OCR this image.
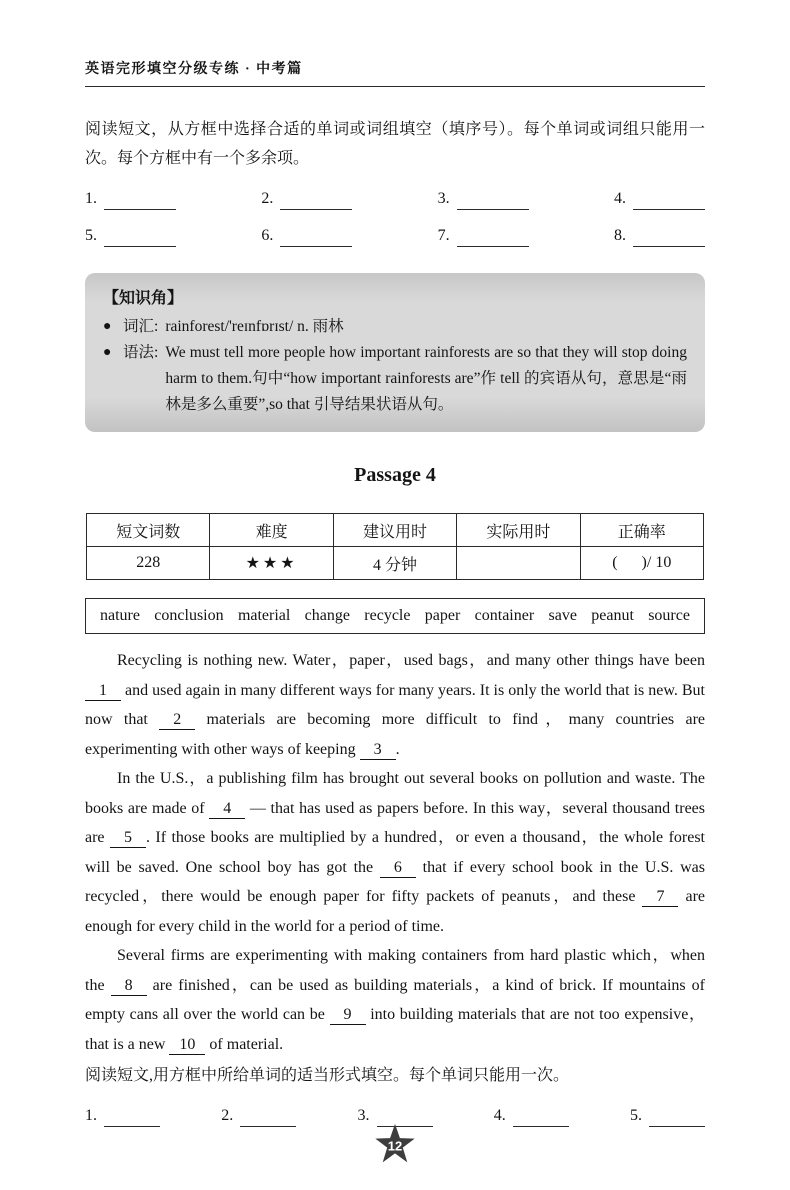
英语完形填空分级专练 · 中考篇

阅读短文，从方框中选择合适的单词或词组填空（填序号）。每个单词或词组只能用一次。每个方框中有一个多余项。

1.	2.	3.	4.
5.	6.	7.	8.
【知识角】
● 词汇: rainforest/'reɪnfɒrɪst/ n. 雨林
● 语法: We must tell more people how important rainforests are so that they will stop doing harm to them.句中“how important rainforests are”作 tell 的宾语从句，意思是“雨林是多么重要”,so that 引导结果状语从句。
Passage 4
短文词数	难度	建议用时	实际用时	正确率
228	★★★	4 分钟		(      )/ 10
nature conclusion material change recycle paper container save peanut source

Recycling is nothing new. Water，paper，used bags，and many other things have been 1 and used again in many different ways for many years. It is only the world that is new. But now that 2 materials are becoming more difficult to find，many countries are experimenting with other ways of keeping 3 .

In the U.S.，a publishing film has brought out several books on pollution and waste. The books are made of 4 — that has used as papers before. In this way，several thousand trees are 5 . If those books are multiplied by a hundred，or even a thousand，the whole forest will be saved. One school boy has got the 6 that if every school book in the U.S. was recycled，there would be enough paper for fifty packets of peanuts，and these 7 are enough for every child in the world for a period of time.

Several firms are experimenting with making containers from hard plastic which，when the 8 are finished，can be used as building materials，a kind of brick. If mountains of empty cans all over the world can be 9 into building materials that are not too expensive，that is a new 10 of material.

阅读短文,用方框中所给单词的适当形式填空。每个单词只能用一次。

1.	2.	3.	4.	5.
12
